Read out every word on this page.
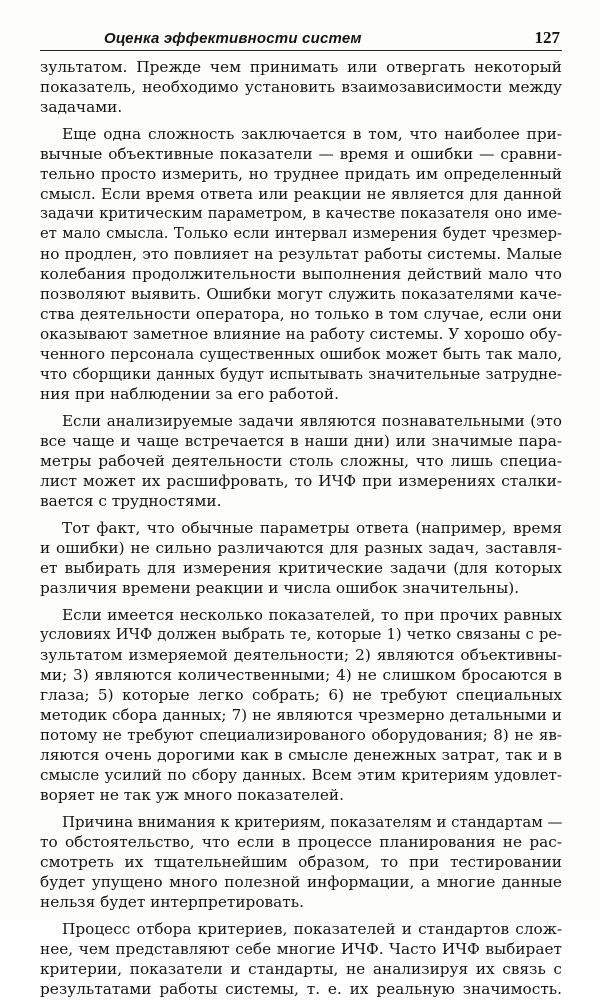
Оценка эффективности систем	127
зультатом. Прежде чем принимать или отвергать некоторый
показатель, необходимо установить взаимозависимости между
задачами.
Еще одна сложность заключается в том, что наиболее при-
вычные объективные показатели — время и ошибки — сравни-
тельно просто измерить, но труднее придать им определенный
смысл. Если время ответа или реакции не является для данной
задачи критическим параметром, в качестве показателя оно име-
ет мало смысла. Только если интервал измерения будет чрезмер-
но продлен, это повлияет на результат работы системы. Малые
колебания продолжительности выполнения действий мало что
позволяют выявить. Ошибки могут служить показателями каче-
ства деятельности оператора, но только в том случае, если они
оказывают заметное влияние на работу системы. У хорошо обу-
ченного персонала существенных ошибок может быть так мало,
что сборщики данных будут испытывать значительные затрудне-
ния при наблюдении за его работой.
Если анализируемые задачи являются познавательными (это
все чаще и чаще встречается в наши дни) или значимые пара-
метры рабочей деятельности столь сложны, что лишь специа-
лист может их расшифровать, то ИЧФ при измерениях сталки-
вается с трудностями.
Тот факт, что обычные параметры ответа (например, время
и ошибки) не сильно различаются для разных задач, заставля-
ет выбирать для измерения критические задачи (для которых
различия времени реакции и числа ошибок значительны).
Если имеется несколько показателей, то при прочих равных
условиях ИЧФ должен выбрать те, которые 1) четко связаны с ре-
зультатом измеряемой деятельности; 2) являются объективны-
ми; 3) являются количественными; 4) не слишком бросаются в
глаза; 5) которые легко собрать; 6) не требуют специальных
методик сбора данных; 7) не являются чрезмерно детальными и
потому не требуют специализированого оборудования; 8) не яв-
ляются очень дорогими как в смысле денежных затрат, так и в
смысле усилий по сбору данных. Всем этим критериям удовлет-
воряет не так уж много показателей.
Причина внимания к критериям, показателям и стандартам —
то обстоятельство, что если в процессе планирования не рас-
смотреть их тщательнейшим образом, то при тестировании
будет упущено много полезной информации, а многие данные
нельзя будет интерпретировать.
Процесс отбора критериев, показателей и стандартов слож-
нее, чем представляют себе многие ИЧФ. Часто ИЧФ выбирает
критерии, показатели и стандарты, не анализируя их связь с
результатами работы системы, т. е. их реальную значимость.
